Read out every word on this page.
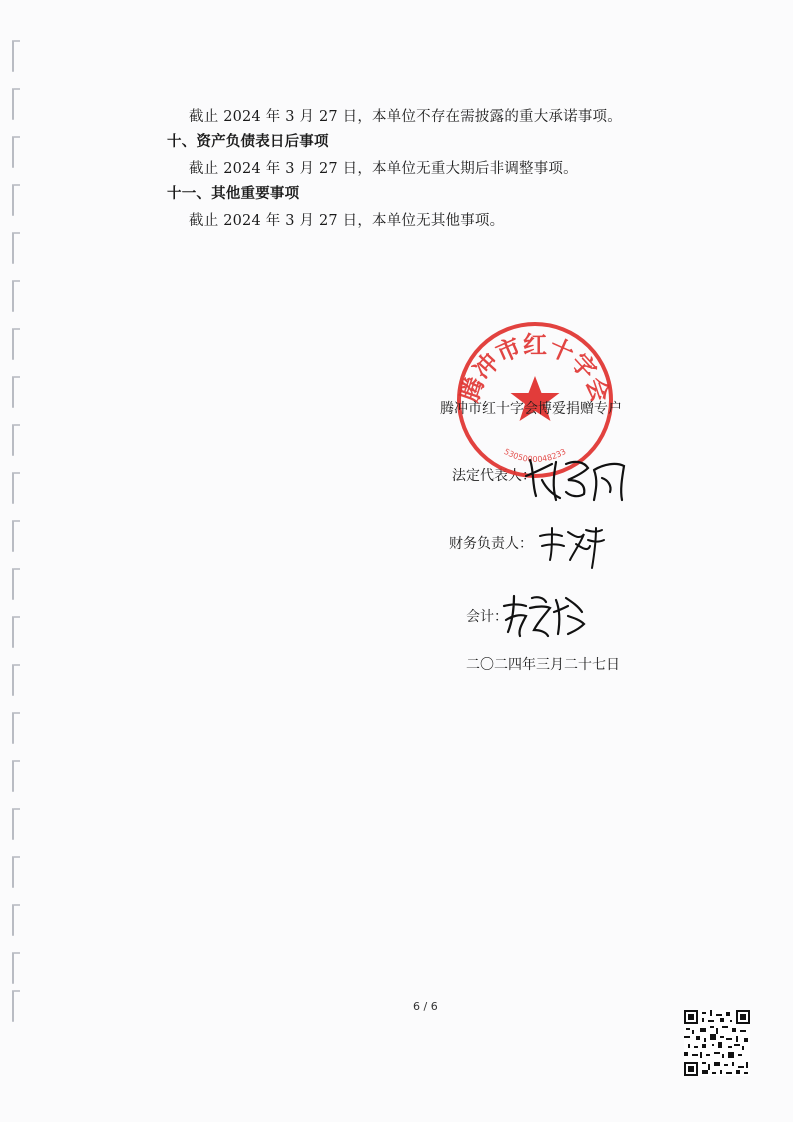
截止 2024 年 3 月 27 日，本单位不存在需披露的重大承诺事项。
十、资产负债表日后事项
截止 2024 年 3 月 27 日，本单位无重大期后非调整事项。
十一、其他重要事项
截止 2024 年 3 月 27 日，本单位无其他事项。
腾冲市红十字会
5305000048233
腾冲市红十字会博爱捐赠专户
法定代表人：
财务负责人：
会计：
二〇二四年三月二十七日
6 / 6
